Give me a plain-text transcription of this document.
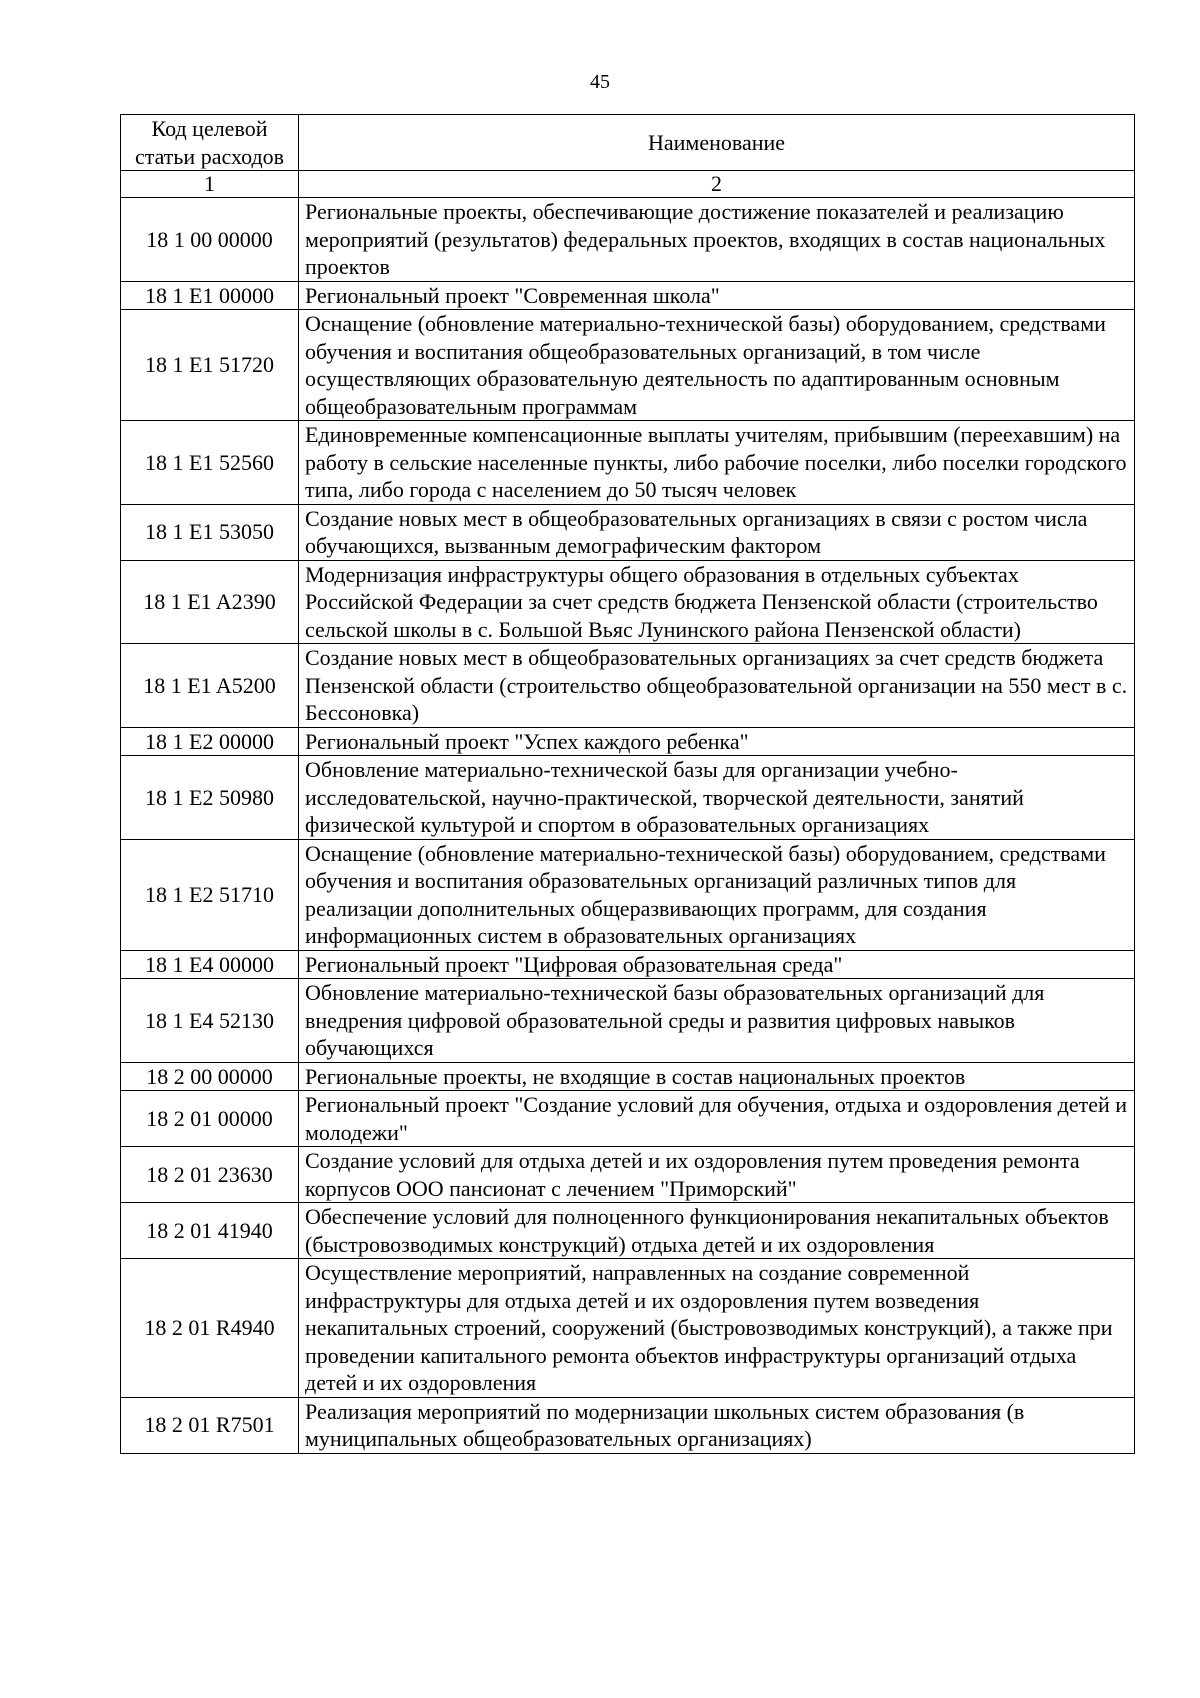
45
Код целевой статьи расходов	Наименование
1	2
18 1 00 00000	Региональные проекты, обеспечивающие достижение показателей и реализацию мероприятий (результатов) федеральных проектов, входящих в состав национальных проектов
18 1 E1 00000	Региональный проект "Современная школа"
18 1 E1 51720	Оснащение (обновление материально-технической базы) оборудованием, средствами обучения и воспитания общеобразовательных организаций, в том числе осуществляющих образовательную деятельность по адаптированным основным общеобразовательным программам
18 1 E1 52560	Единовременные компенсационные выплаты учителям, прибывшим (переехавшим) на работу в сельские населенные пункты, либо рабочие поселки, либо поселки городского типа, либо города с населением до 50 тысяч человек
18 1 E1 53050	Создание новых мест в общеобразовательных организациях в связи с ростом числа обучающихся, вызванным демографическим фактором
18 1 E1 A2390	Модернизация инфраструктуры общего образования в отдельных субъектах Российской Федерации за счет средств бюджета Пензенской области (строительство сельской школы в с. Большой Вьяс Лунинского района Пензенской области)
18 1 E1 A5200	Создание новых мест в общеобразовательных организациях за счет средств бюджета Пензенской области (строительство общеобразовательной организации на 550 мест в с. Бессоновка)
18 1 E2 00000	Региональный проект "Успех каждого ребенка"
18 1 E2 50980	Обновление материально-технической базы для организации учебно-исследовательской, научно-практической, творческой деятельности, занятий физической культурой и спортом в образовательных организациях
18 1 E2 51710	Оснащение (обновление материально-технической базы) оборудованием, средствами обучения и воспитания образовательных организаций различных типов для реализации дополнительных общеразвивающих программ, для создания информационных систем в образовательных организациях
18 1 E4 00000	Региональный проект "Цифровая образовательная среда"
18 1 E4 52130	Обновление материально-технической базы образовательных организаций для внедрения цифровой образовательной среды и развития цифровых навыков обучающихся
18 2 00 00000	Региональные проекты, не входящие в состав национальных проектов
18 2 01 00000	Региональный проект "Создание условий для обучения, отдыха и оздоровления детей и молодежи"
18 2 01 23630	Создание условий для отдыха детей и их оздоровления путем проведения ремонта корпусов ООО пансионат с лечением "Приморский"
18 2 01 41940	Обеспечение условий для полноценного функционирования некапитальных объектов (быстровозводимых конструкций) отдыха детей и их оздоровления
18 2 01 R4940	Осуществление мероприятий, направленных на создание современной инфраструктуры для отдыха детей и их оздоровления путем возведения некапитальных строений, сооружений (быстровозводимых конструкций), а также при проведении капитального ремонта объектов инфраструктуры организаций отдыха детей и их оздоровления
18 2 01 R7501	Реализация мероприятий по модернизации школьных систем образования (в муниципальных общеобразовательных организациях)
